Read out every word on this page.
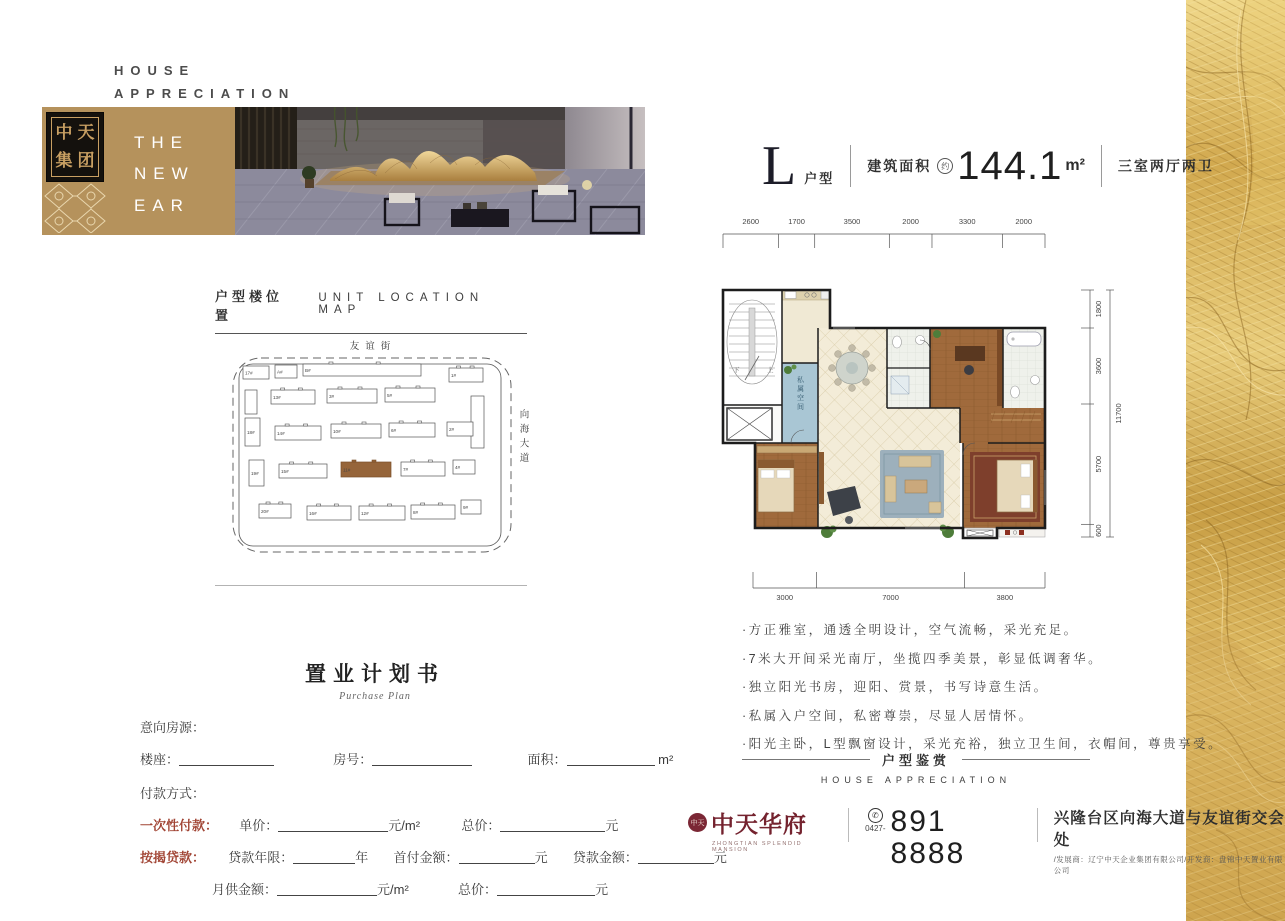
HOUSE
APPRECIATION
中 天
集 团
THE
NEW
EAR
户型楼位置
UNIT LOCATION MAP
友谊街
向海大道
17#	A#	B#
1#
13#	3#	5#
18#	14#	10#	6#	2#
19#	15#	11#	7#	4#
20#	16#	12#	8#
9#
置业计划书
Purchase Plan
意向房源：
楼座：	房号：	面积：	m²
付款方式：
一次性付款： 单价：	元/m²	总价：	元
按揭贷款： 贷款年限：	年 首付金额：	元 贷款金额：	元
月供金额：	元/m²	总价：	元
L 户型
建筑面积	约 144.1 m² 三室两厅两卫
2600	1700	3500	2000	3300	2000
1800
3600
5700
600
11700
3000	7000	3800
私属空间
下	上
·方正雅室，通透全明设计，空气流畅，采光充足。
·7米大开间采光南厅，坐揽四季美景，彰显低调奢华。
·独立阳光书房，迎阳、赏景，书写诗意生活。
·私属入户空间，私密尊崇，尽显人居情怀。
·阳光主卧，L型飘窗设计，采光充裕，独立卫生间，衣帽间，尊贵享受。
户型鉴赏
HOUSE APPRECIATION
中天 中天华府
ZHONGTIAN SPLENDID MANSION
✆
0427- 891 8888
兴隆台区向海大道与友谊街交会处
/发展商：辽宁中天企业集团有限公司/开发商：盘锦中天置业有限公司
